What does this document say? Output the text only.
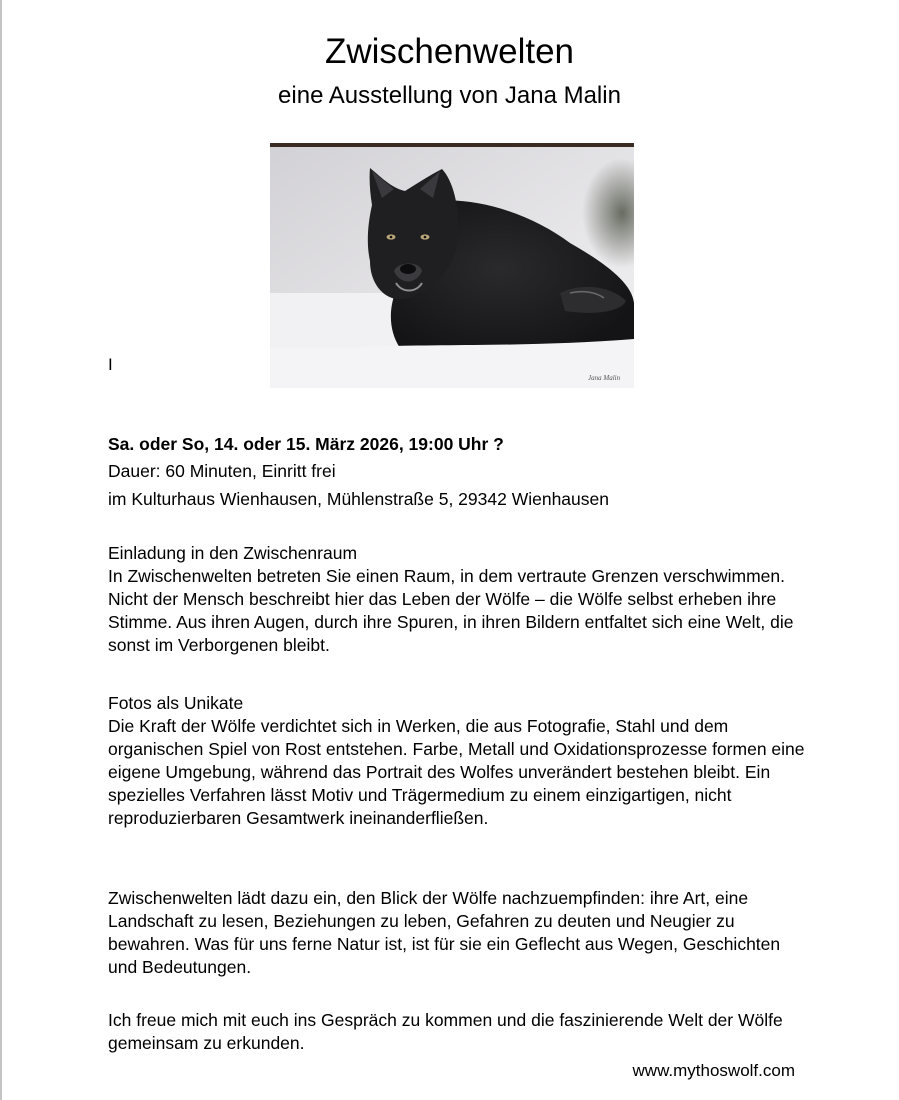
Zwischenwelten
eine Ausstellung von Jana Malin
Jana Malin
I
Sa. oder So, 14. oder 15. März 2026, 19:00 Uhr ?
Dauer: 60 Minuten, Einritt frei
im Kulturhaus Wienhausen, Mühlenstraße 5, 29342 Wienhausen
Einladung in den Zwischenraum

In Zwischenwelten betreten Sie einen Raum, in dem vertraute Grenzen verschwimmen. Nicht der Mensch beschreibt hier das Leben der Wölfe – die Wölfe selbst erheben ihre Stimme. Aus ihren Augen, durch ihre Spuren, in ihren Bildern entfaltet sich eine Welt, die sonst im Verborgenen bleibt.

Fotos als Unikate

Die Kraft der Wölfe verdichtet sich in Werken, die aus Fotografie, Stahl und dem organischen Spiel von Rost entstehen. Farbe, Metall und Oxidationsprozesse formen eine eigene Umgebung, während das Portrait des Wolfes unverändert bestehen bleibt. Ein spezielles Verfahren lässt Motiv und Trägermedium zu einem einzigartigen, nicht reproduzierbaren Gesamtwerk ineinanderfließen.

Zwischenwelten lädt dazu ein, den Blick der Wölfe nachzuempfinden: ihre Art, eine Landschaft zu lesen, Beziehungen zu leben, Gefahren zu deuten und Neugier zu bewahren. Was für uns ferne Natur ist, ist für sie ein Geflecht aus Wegen, Geschichten und Bedeutungen.

Ich freue mich mit euch ins Gespräch zu kommen und die faszinierende Welt der Wölfe gemeinsam zu erkunden.

www.mythoswolf.com
